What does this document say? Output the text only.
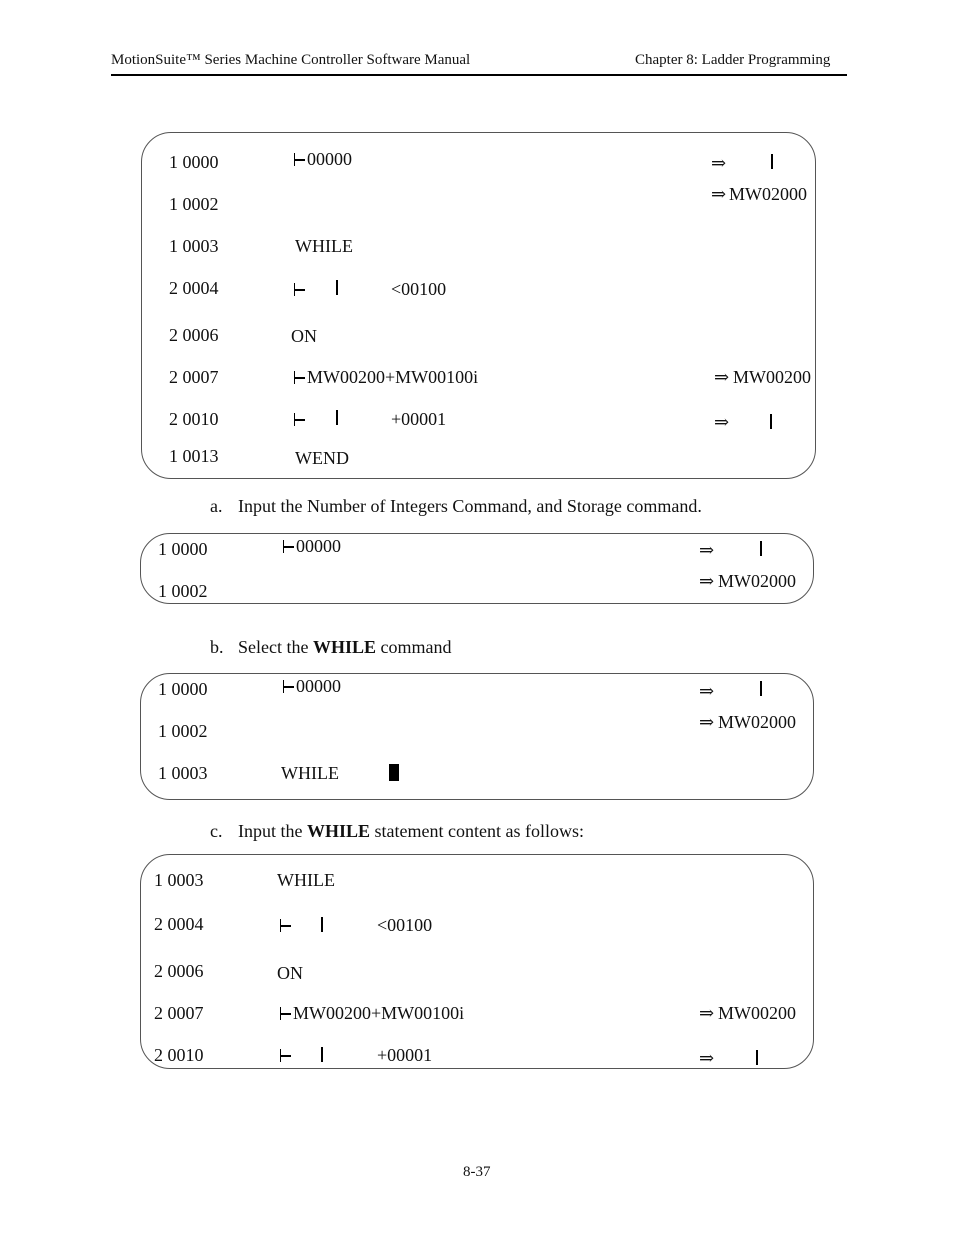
MotionSuite™ Series Machine Controller Software Manual	Chapter 8: Ladder Programming
1 0000	00000	⇒
1 0002	⇒ MW02000
1 0003	WHILE
2 0004	<00100
2 0006	ON
2 0007	MW00200+MW00100i	⇒ MW00200
2 0010	+00001	⇒
1 0013	WEND
a. Input the Number of Integers Command, and Storage command.
1 0000	00000	⇒
1 0002	⇒ MW02000
b. Select the WHILE command
1 0000	00000	⇒
1 0002	⇒ MW02000
1 0003	WHILE
c. Input the WHILE statement content as follows:
1 0003	WHILE
2 0004	<00100
2 0006	ON
2 0007	MW00200+MW00100i	⇒ MW00200
2 0010	+00001	⇒
8-37
